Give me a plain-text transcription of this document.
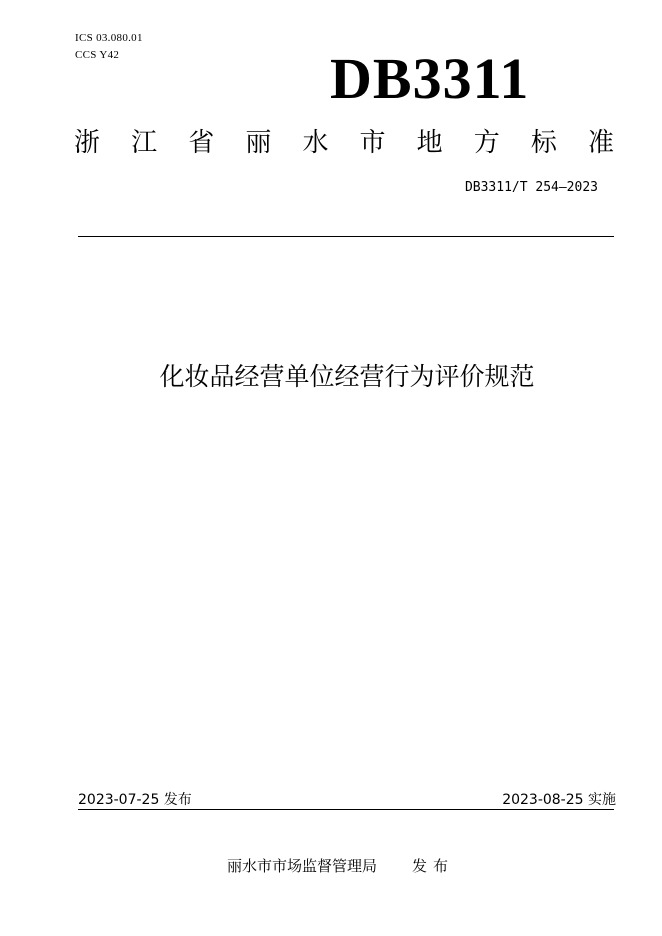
ICS 03.080.01
CCS Y42	DB3311
浙 江 省 丽 水 市 地 方 标 准
DB3311/T 254—2023
化妆品经营单位经营行为评价规范
2023-07-25 发布	2023-08-25 实施
丽水市市场监督管理局 发布
